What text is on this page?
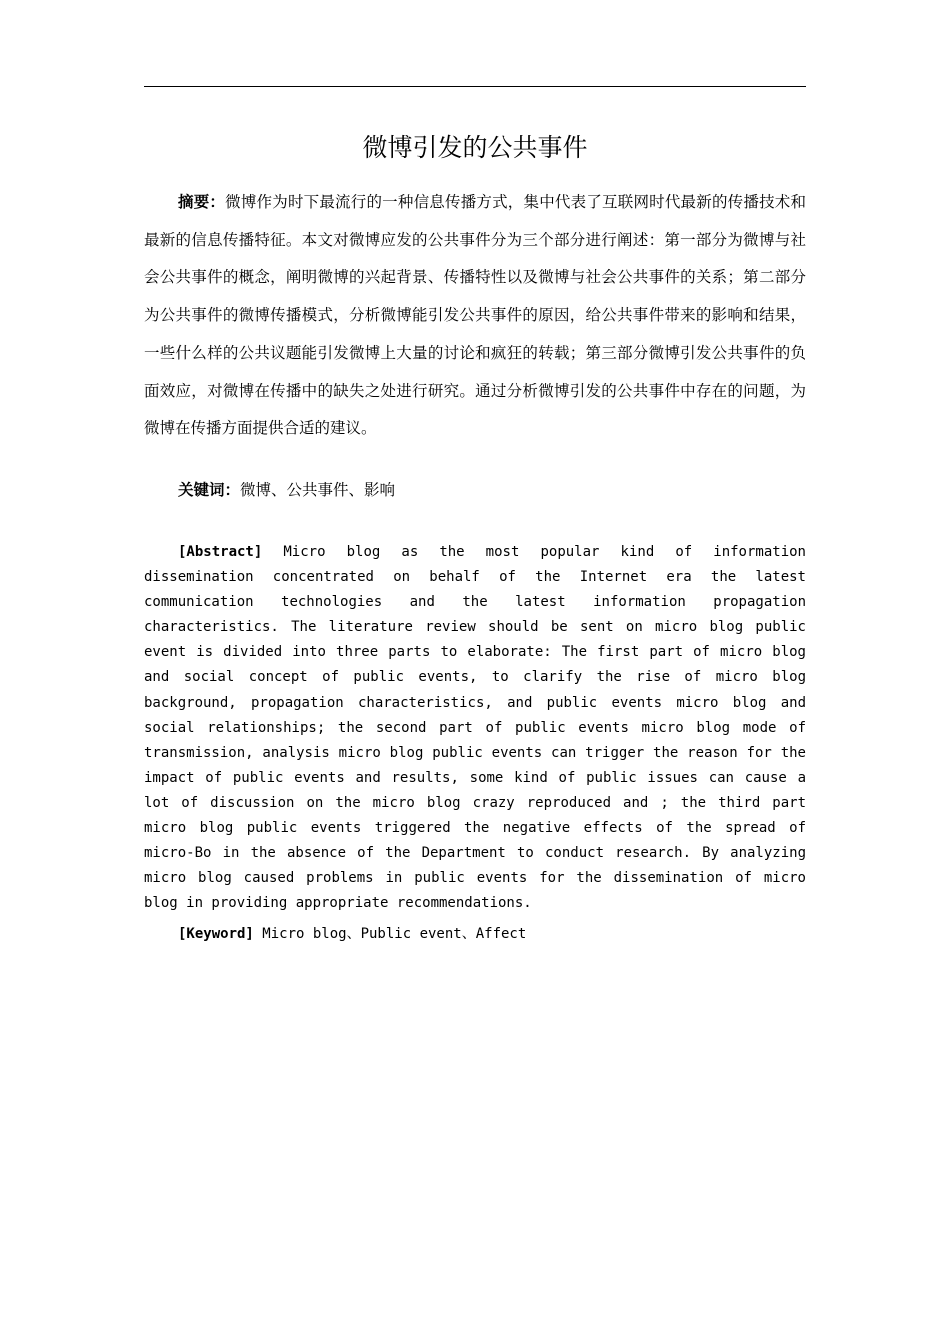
微博引发的公共事件

摘要：微博作为时下最流行的一种信息传播方式，集中代表了互联网时代最新的传播技术和最新的信息传播特征。本文对微博应发的公共事件分为三个部分进行阐述：第一部分为微博与社会公共事件的概念，阐明微博的兴起背景、传播特性以及微博与社会公共事件的关系；第二部分为公共事件的微博传播模式，分析微博能引发公共事件的原因，给公共事件带来的影响和结果，一些什么样的公共议题能引发微博上大量的讨论和疯狂的转载；第三部分微博引发公共事件的负面效应，对微博在传播中的缺失之处进行研究。通过分析微博引发的公共事件中存在的问题，为微博在传播方面提供合适的建议。

关键词：微博、公共事件、影响

[Abstract] Micro blog as the most popular kind of information dissemination concentrated on behalf of the Internet era the latest communication technologies and the latest information propagation characteristics. The literature review should be sent on micro blog public event is divided into three parts to elaborate: The first part of micro blog and social concept of public events, to clarify the rise of micro blog background, propagation characteristics, and public events micro blog and social relationships; the second part of public events micro blog mode of transmission, analysis micro blog public events can trigger the reason for the impact of public events and results, some kind of public issues can cause a lot of discussion on the micro blog crazy reproduced and ; the third part micro blog public events triggered the negative effects of the spread of micro-Bo in the absence of the Department to conduct research. By analyzing micro blog caused problems in public events for the dissemination of micro blog in providing appropriate recommendations.

[Keyword] Micro blog、Public event、Affect
